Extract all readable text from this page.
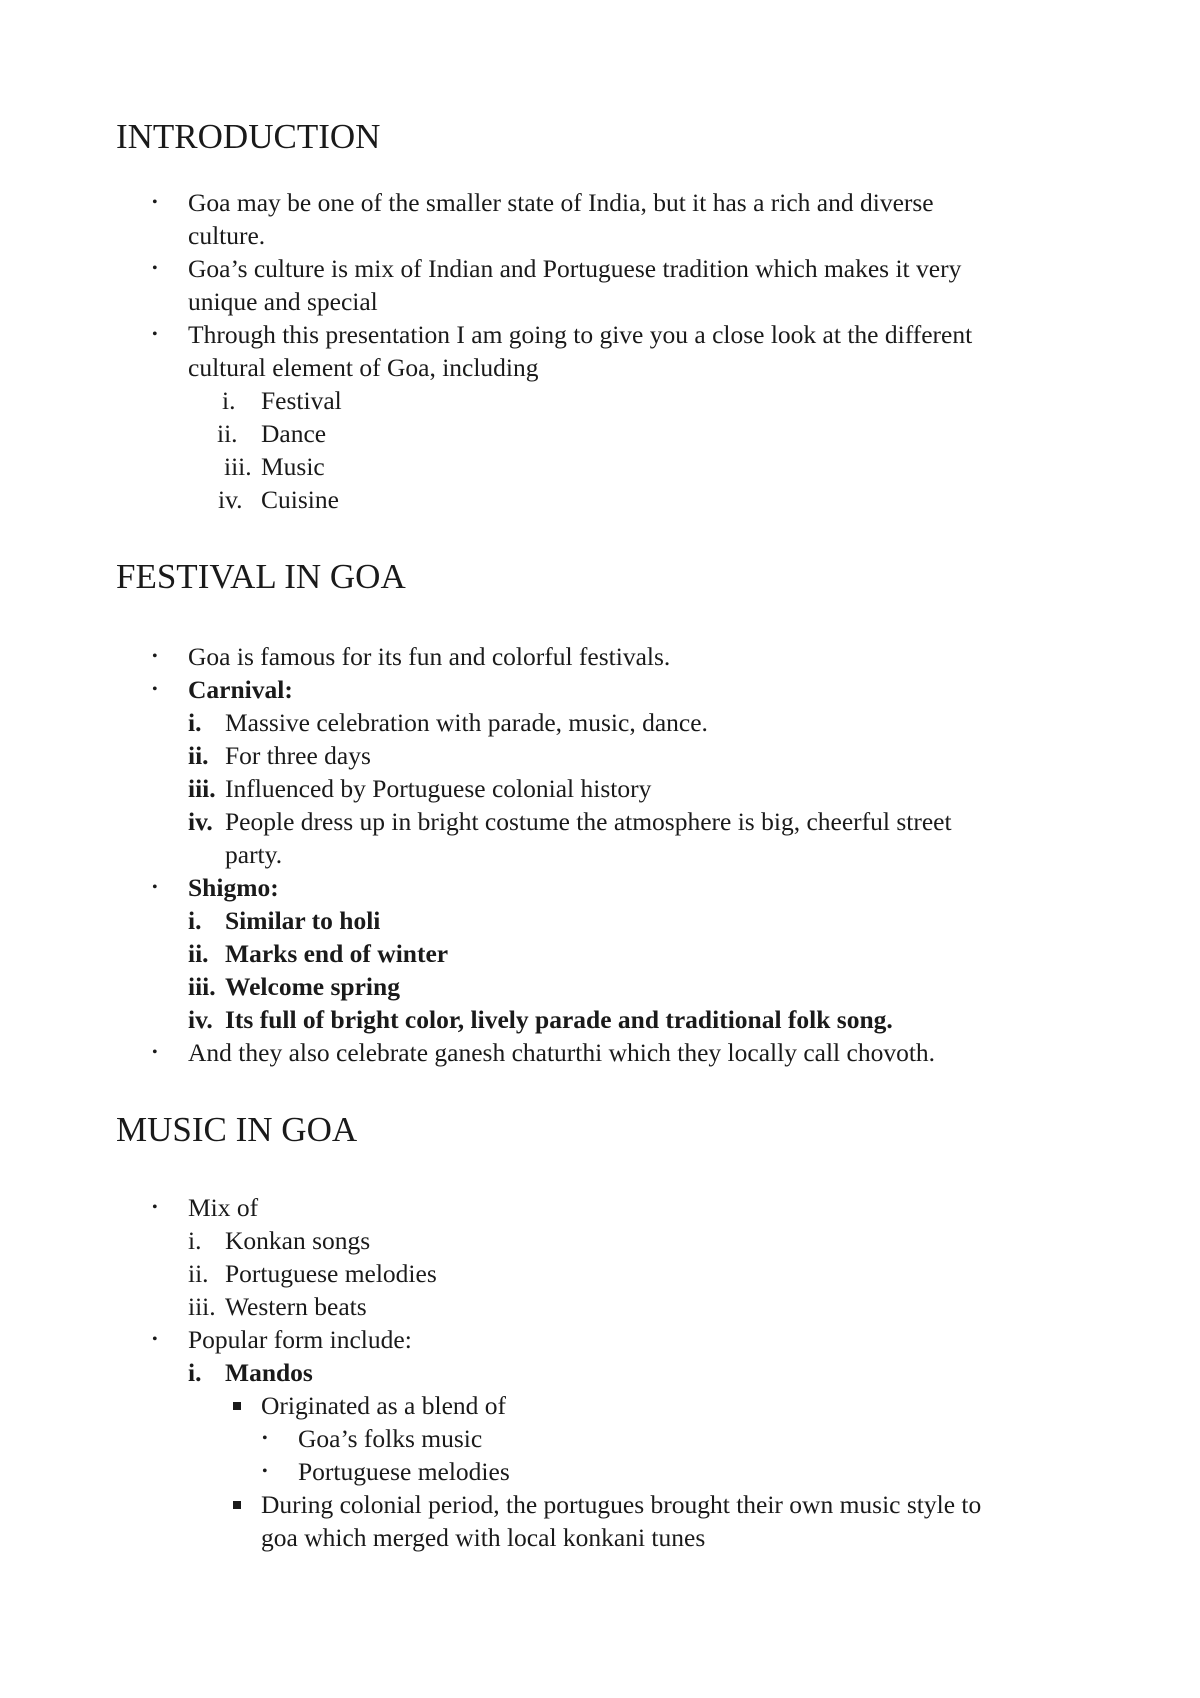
INTRODUCTION
• Goa may be one of the smaller state of India, but it has a rich and diverse
culture.
• Goa’s culture is mix of Indian and Portuguese tradition which makes it very
unique and special
• Through this presentation I am going to give you a close look at the different
cultural element of Goa, including
i. Festival
ii. Dance
iii. Music
iv. Cuisine
FESTIVAL IN GOA
• Goa is famous for its fun and colorful festivals.
• Carnival:
i. Massive celebration with parade, music, dance.
ii. For three days
iii. Influenced by Portuguese colonial history
iv. People dress up in bright costume the atmosphere is big, cheerful street
party.
• Shigmo:
i. Similar to holi
ii. Marks end of winter
iii. Welcome spring
iv. Its full of bright color, lively parade and traditional folk song.
• And they also celebrate ganesh chaturthi which they locally call chovoth.
MUSIC IN GOA
• Mix of
i. Konkan songs
ii. Portuguese melodies
iii. Western beats
• Popular form include:
i. Mandos
Originated as a blend of
• Goa’s folks music
• Portuguese melodies
During colonial period, the portugues brought their own music style to
goa which merged with local konkani tunes
